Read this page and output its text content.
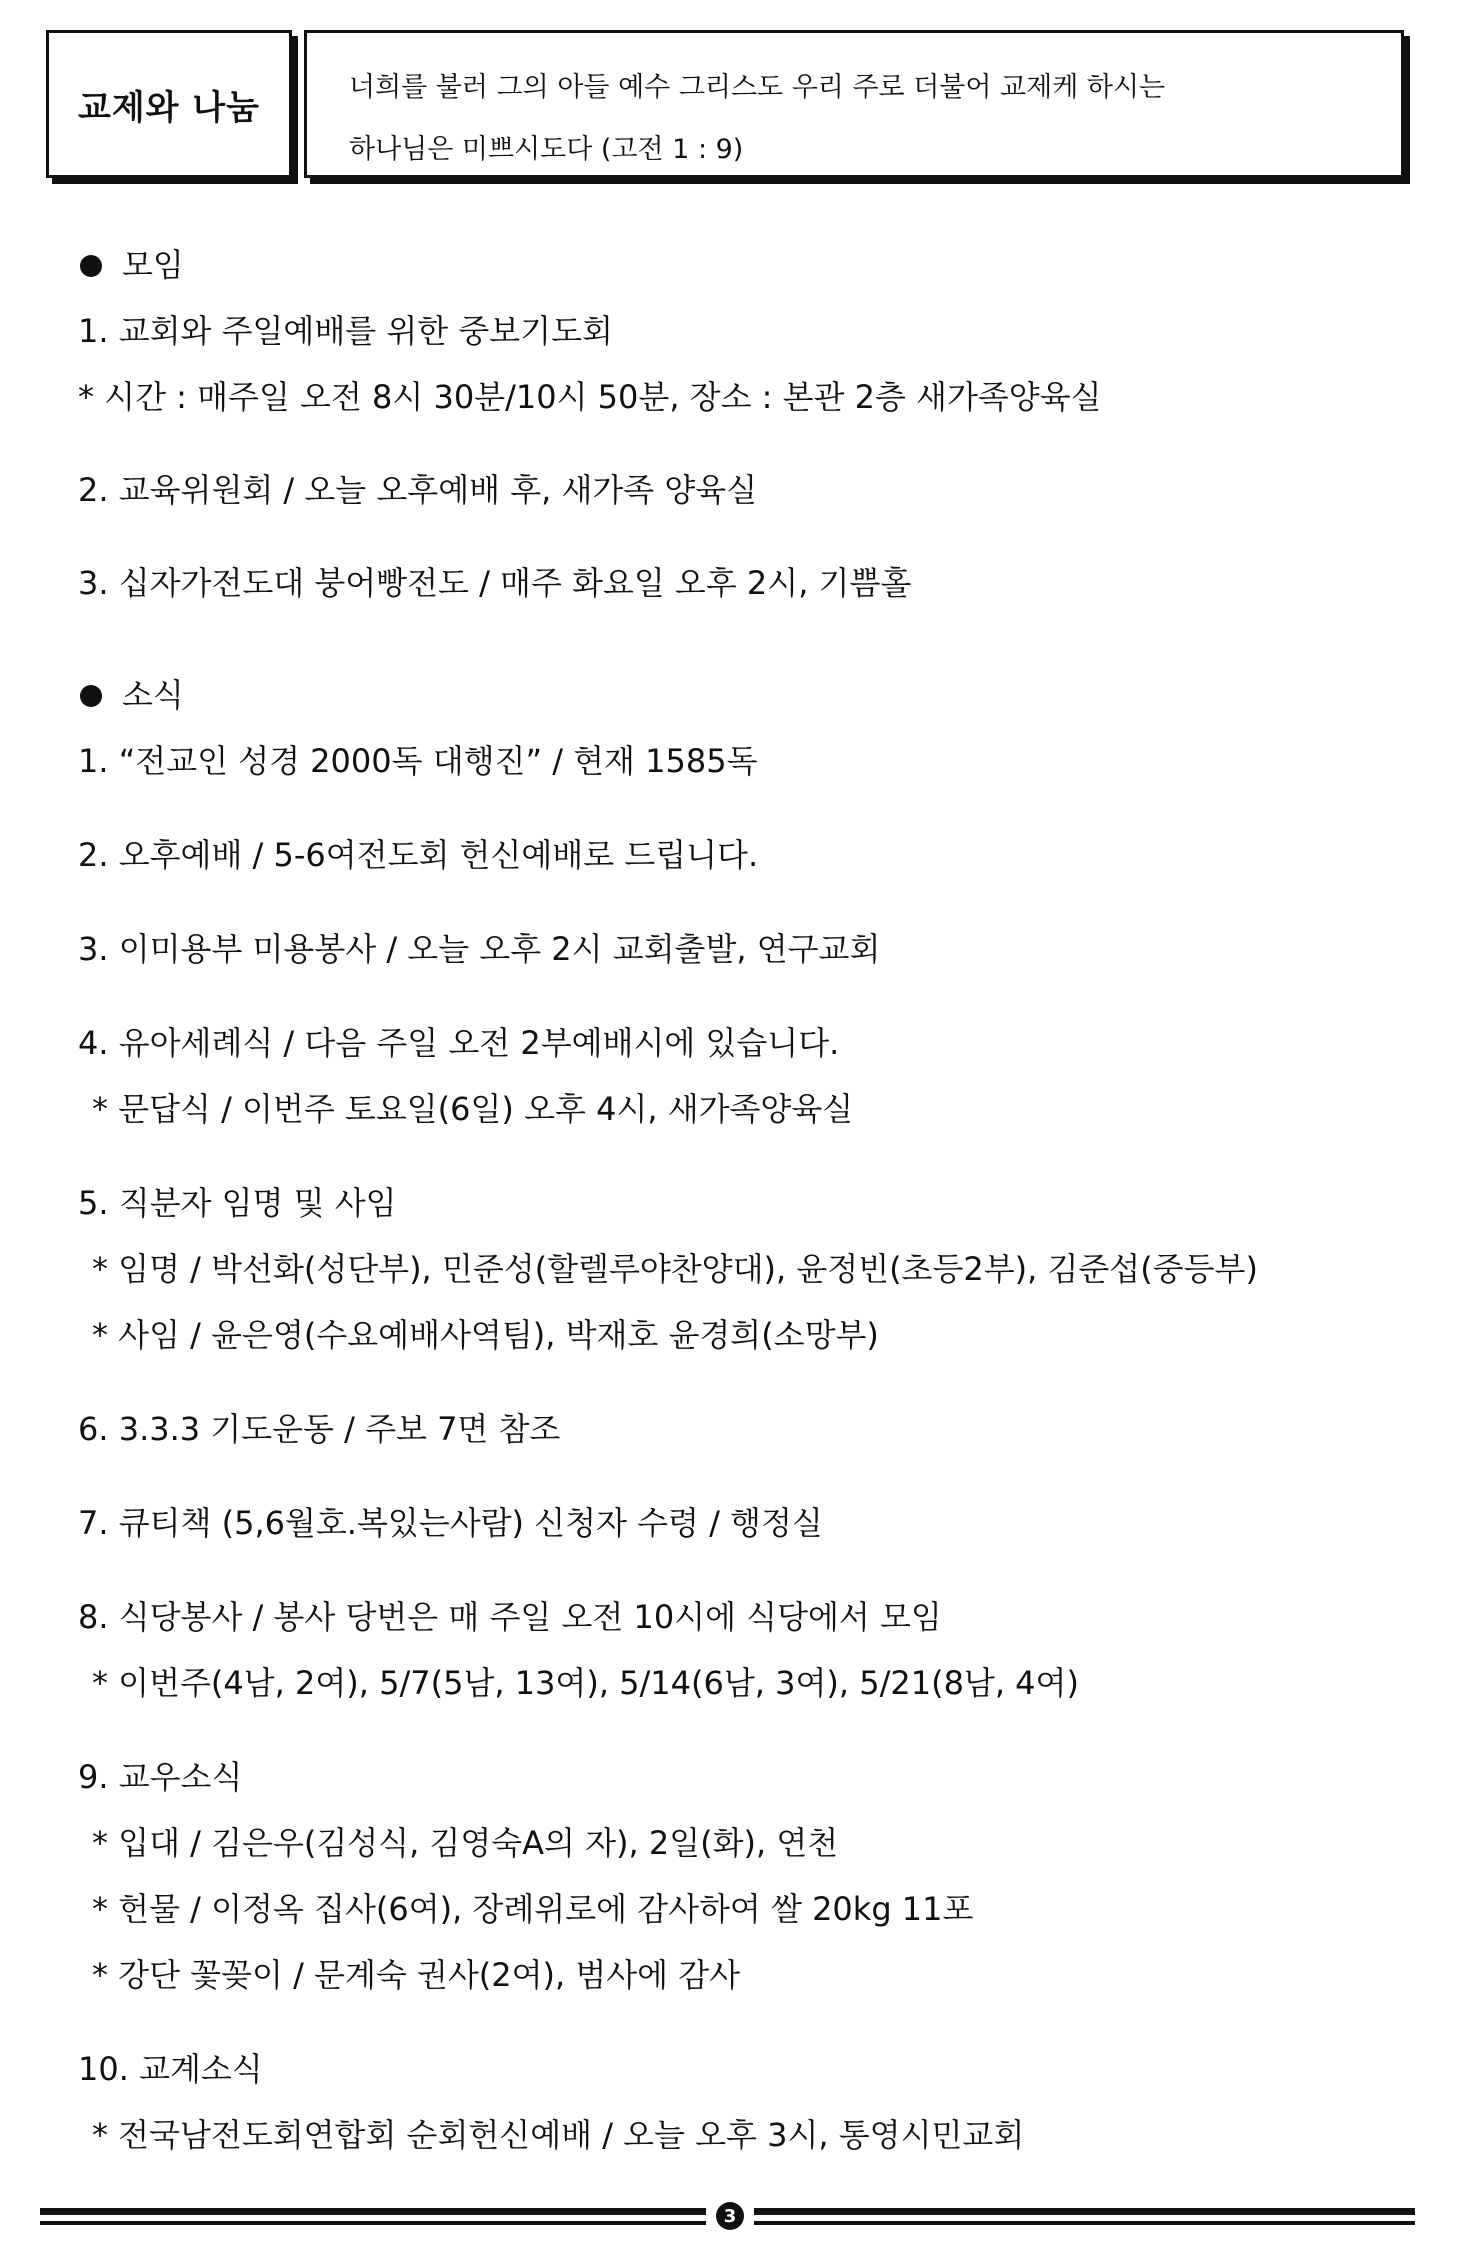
교제와 나눔	너희를 불러 그의 아들 예수 그리스도 우리 주로 더불어 교제케 하시는
하나님은 미쁘시도다 (고전 1 : 9)
모임
1. 교회와 주일예배를 위한 중보기도회
* 시간 : 매주일 오전 8시 30분/10시 50분, 장소 : 본관 2층 새가족양육실
2. 교육위원회 / 오늘 오후예배 후, 새가족 양육실
3. 십자가전도대 붕어빵전도 / 매주 화요일 오후 2시, 기쁨홀
소식
1. “전교인 성경 2000독 대행진” / 현재 1585독
2. 오후예배 / 5-6여전도회 헌신예배로 드립니다.
3. 이미용부 미용봉사 / 오늘 오후 2시 교회출발, 연구교회
4. 유아세례식 / 다음 주일 오전 2부예배시에 있습니다.
* 문답식 / 이번주 토요일(6일) 오후 4시, 새가족양육실
5. 직분자 임명 및 사임
* 임명 / 박선화(성단부), 민준성(할렐루야찬양대), 윤정빈(초등2부), 김준섭(중등부)
* 사임 / 윤은영(수요예배사역팀), 박재호 윤경희(소망부)
6. 3.3.3 기도운동 / 주보 7면 참조
7. 큐티책 (5,6월호.복있는사람) 신청자 수령 / 행정실
8. 식당봉사 / 봉사 당번은 매 주일 오전 10시에 식당에서 모임
* 이번주(4남, 2여), 5/7(5남, 13여), 5/14(6남, 3여), 5/21(8남, 4여)
9. 교우소식
* 입대 / 김은우(김성식, 김영숙A의 자), 2일(화), 연천
* 헌물 / 이정옥 집사(6여), 장례위로에 감사하여 쌀 20kg 11포
* 강단 꽃꽂이 / 문계숙 권사(2여), 범사에 감사
10. 교계소식
* 전국남전도회연합회 순회헌신예배 / 오늘 오후 3시, 통영시민교회
3
